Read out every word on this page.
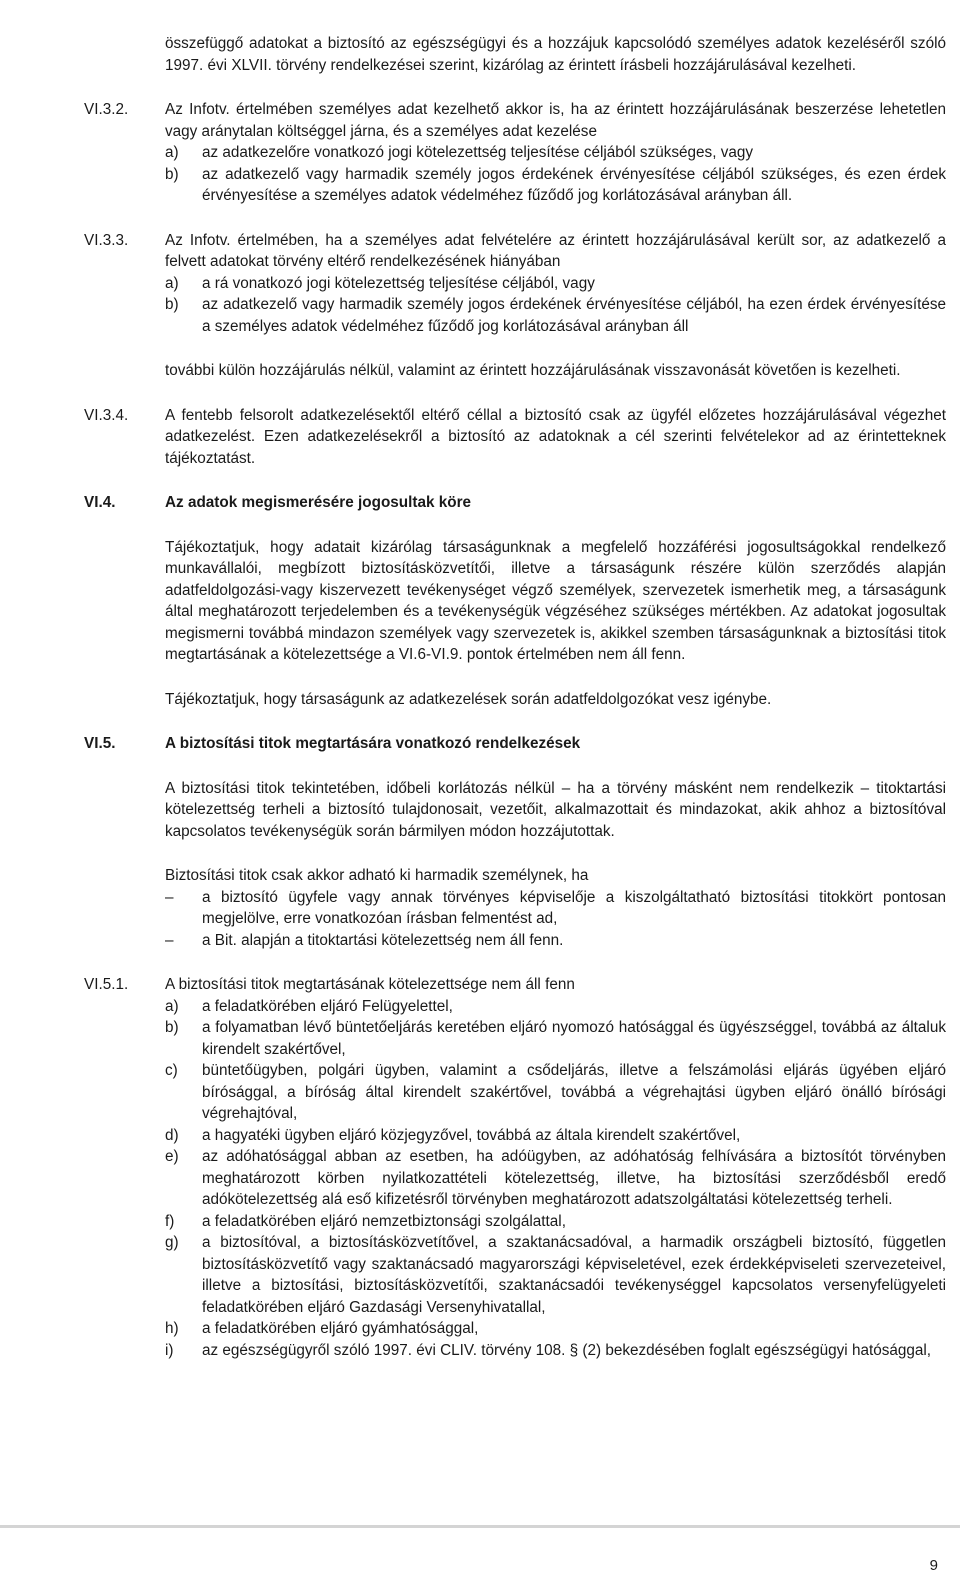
összefüggő adatokat a biztosító az egészségügyi és a hozzájuk kapcsolódó személyes adatok kezeléséről szóló 1997. évi XLVII. törvény rendelkezései szerint, kizárólag az érintett írásbeli hozzájárulásával kezelheti.

VI.3.2.	Az Infotv. értelmében személyes adat kezelhető akkor is, ha az érintett hozzájárulásának beszerzése lehetetlen vagy aránytalan költséggel járna, és a személyes adat kezelése

a) az adatkezelőre vonatkozó jogi kötelezettség teljesítése céljából szükséges, vagy
b) az adatkezelő vagy harmadik személy jogos érdekének érvényesítése céljából szükséges, és ezen érdek érvényesítése a személyes adatok védelméhez fűződő jog korlátozásával arányban áll.
VI.3.3.	Az Infotv. értelmében, ha a személyes adat felvételére az érintett hozzájárulásával került sor, az adatkezelő a felvett adatokat törvény eltérő rendelkezésének hiányában

a) a rá vonatkozó jogi kötelezettség teljesítése céljából, vagy
b) az adatkezelő vagy harmadik személy jogos érdekének érvényesítése céljából, ha ezen érdek érvényesítése a személyes adatok védelméhez fűződő jog korlátozásával arányban áll

további külön hozzájárulás nélkül, valamint az érintett hozzájárulásának visszavonását követően is kezelheti.

VI.3.4.	A fentebb felsorolt adatkezelésektől eltérő céllal a biztosító csak az ügyfél előzetes hozzájárulásával végezhet adatkezelést. Ezen adatkezelésekről a biztosító az adatoknak a cél szerinti felvételekor ad az érintetteknek tájékoztatást.

VI.4.	Az adatok megismerésére jogosultak köre

Tájékoztatjuk, hogy adatait kizárólag társaságunknak a megfelelő hozzáférési jogosultságokkal rendelkező munkavállalói, megbízott biztosításközvetítői, illetve a társaságunk részére külön szerződés alapján adatfeldolgozási-vagy kiszervezett tevékenységet végző személyek, szervezetek ismerhetik meg, a társaságunk által meghatározott terjedelemben és a tevékenységük végzéséhez szükséges mértékben. Az adatokat jogosultak megismerni továbbá mindazon személyek vagy szervezetek is, akikkel szemben társaságunknak a biztosítási titok megtartásának a kötelezettsége a VI.6-VI.9. pontok értelmében nem áll fenn.

Tájékoztatjuk, hogy társaságunk az adatkezelések során adatfeldolgozókat vesz igénybe.

VI.5.	A biztosítási titok megtartására vonatkozó rendelkezések

A biztosítási titok tekintetében, időbeli korlátozás nélkül – ha a törvény másként nem rendelkezik – titoktartási kötelezettség terheli a biztosító tulajdonosait, vezetőit, alkalmazottait és mindazokat, akik ahhoz a biztosítóval kapcsolatos tevékenységük során bármilyen módon hozzájutottak.

Biztosítási titok csak akkor adható ki harmadik személynek, ha

– a biztosító ügyfele vagy annak törvényes képviselője a kiszolgáltatható biztosítási titokkört pontosan megjelölve, erre vonatkozóan írásban felmentést ad,
– a Bit. alapján a titoktartási kötelezettség nem áll fenn.
VI.5.1.	A biztosítási titok megtartásának kötelezettsége nem áll fenn

a) a feladatkörében eljáró Felügyelettel,
b) a folyamatban lévő büntetőeljárás keretében eljáró nyomozó hatósággal és ügyészséggel, továbbá az általuk kirendelt szakértővel,
c) büntetőügyben, polgári ügyben, valamint a csődeljárás, illetve a felszámolási eljárás ügyében eljáró bírósággal, a bíróság által kirendelt szakértővel, továbbá a végrehajtási ügyben eljáró önálló bírósági végrehajtóval,
d) a hagyatéki ügyben eljáró közjegyzővel, továbbá az általa kirendelt szakértővel,
e) az adóhatósággal abban az esetben, ha adóügyben, az adóhatóság felhívására a biztosítót törvényben meghatározott körben nyilatkozattételi kötelezettség, illetve, ha biztosítási szerződésből eredő adókötelezettség alá eső kifizetésről törvényben meghatározott adatszolgáltatási kötelezettség terheli.
f) a feladatkörében eljáró nemzetbiztonsági szolgálattal,
g) a biztosítóval, a biztosításközvetítővel, a szaktanácsadóval, a harmadik országbeli biztosító, független biztosításközvetítő vagy szaktanácsadó magyarországi képviseletével, ezek érdekképviseleti szervezeteivel, illetve a biztosítási, biztosításközvetítői, szaktanácsadói tevékenységgel kapcsolatos versenyfelügyeleti feladatkörében eljáró Gazdasági Versenyhivatallal,
h) a feladatkörében eljáró gyámhatósággal,
i) az egészségügyről szóló 1997. évi CLIV. törvény 108. § (2) bekezdésében foglalt egészségügyi hatósággal,
9
